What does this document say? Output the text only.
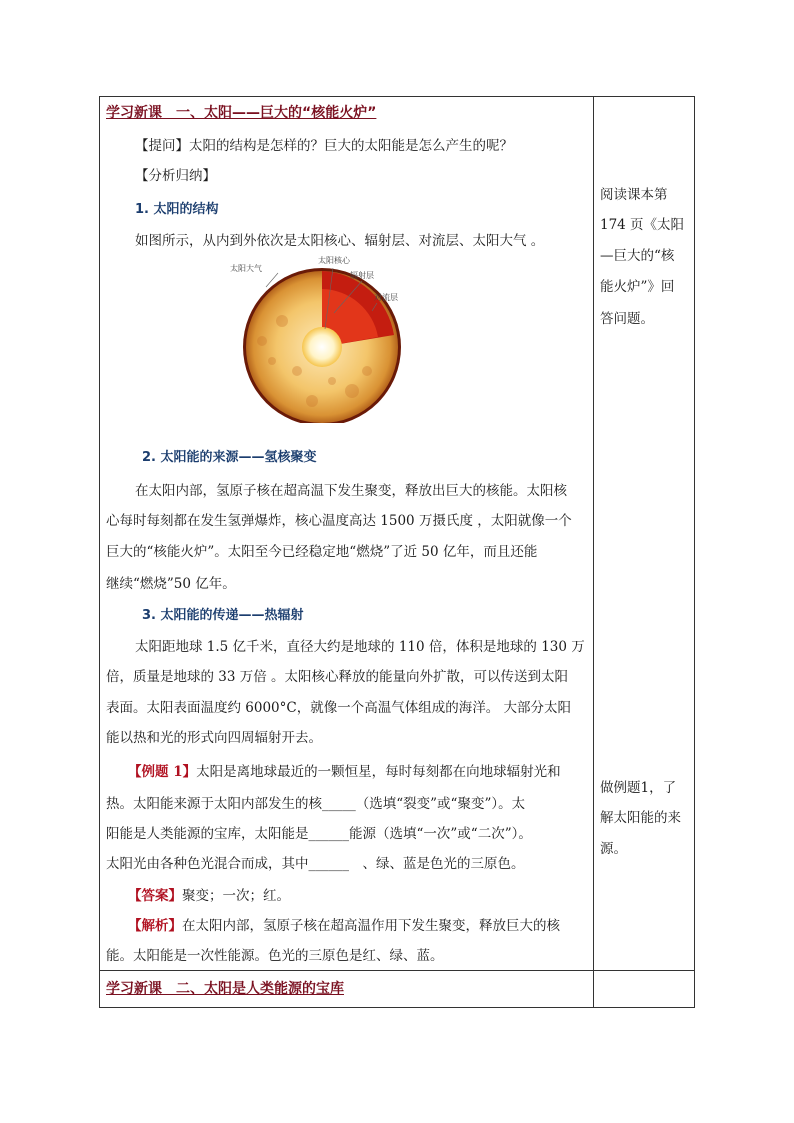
学习新课　一、太阳——巨大的“核能火炉”
【提问】太阳的结构是怎样的？巨大的太阳能是怎么产生的呢？
【分析归纳】
1. 太阳的结构
如图所示，从内到外依次是太阳核心、辐射层、对流层、太阳大气 。
太阳大气
太阳核心
辐射层
对流层
2. 太阳能的来源——氢核聚变
在太阳内部，氢原子核在超高温下发生聚变，释放出巨大的核能。太阳核
心每时每刻都在发生氢弹爆炸，核心温度高达 1500 万摄氏度 ，太阳就像一个
巨大的“核能火炉”。太阳至今已经稳定地“燃烧”了近 50 亿年，而且还能
继续“燃烧”50 亿年。
3. 太阳能的传递——热辐射
太阳距地球 1.5 亿千米，直径大约是地球的 110 倍，体积是地球的 130 万
倍，质量是地球的 33 万倍 。太阳核心释放的能量向外扩散，可以传送到太阳
表面。太阳表面温度约 6000°C，就像一个高温气体组成的海洋。 大部分太阳
能以热和光的形式向四周辐射开去。
【例题 1】太阳是离地球最近的一颗恒星，每时每刻都在向地球辐射光和
热。太阳能来源于太阳内部发生的核_____（选填“裂变”或“聚变”）。太
阳能是人类能源的宝库，太阳能是______能源（选填“一次”或“二次”）。
太阳光由各种色光混合而成，其中______　、绿、蓝是色光的三原色。
【答案】聚变；一次；红。
【解析】在太阳内部，氢原子核在超高温作用下发生聚变，释放巨大的核
能。太阳能是一次性能源。色光的三原色是红、绿、蓝。
阅读课本第
174 页《太阳
—巨大的“核
能火炉”》回
答问题。
做例题1，了
解太阳能的来
源。
学习新课　二、太阳是人类能源的宝库
